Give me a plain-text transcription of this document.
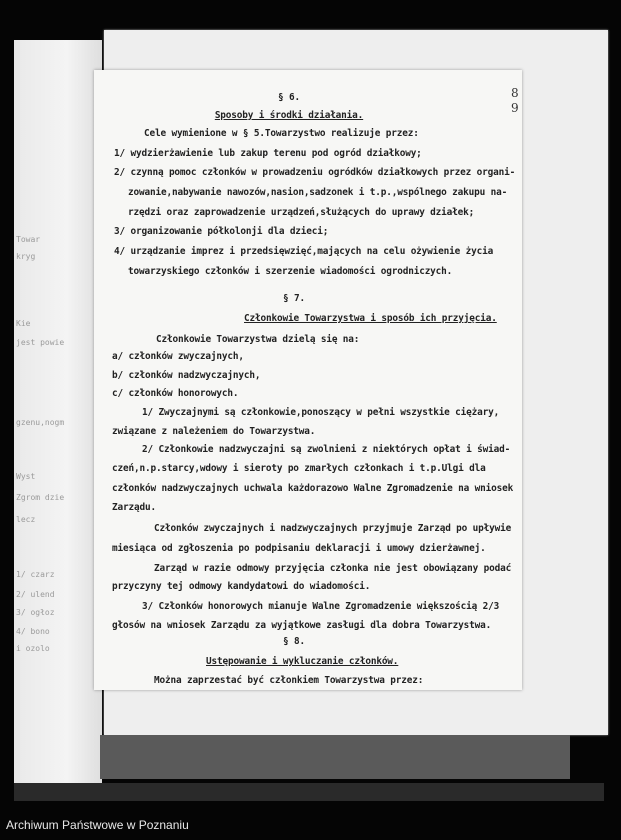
Towar
kryg
Kie
jest powie
gzenu,nogm
Wyst
Zgrom dzie
lecz
1/ czarz
2/ ulend
3/ ogłoz
4/ bono
i ozolo
8
9
§ 6.
Sposoby i środki działania.
Cele wymienione w § 5.Towarzystwo realizuje przez:
1/ wydzierżawienie lub zakup terenu pod ogród działkowy;
2/ czynną pomoc członków w prowadzeniu ogródków działkowych przez organi-
zowanie,nabywanie nawozów,nasion,sadzonek i t.p.,wspólnego zakupu na-
rzędzi oraz zaprowadzenie urządzeń,służących do uprawy działek;
3/ organizowanie półkolonji dla dzieci;
4/ urządzanie imprez i przedsięwzięć,mających na celu ożywienie życia
towarzyskiego członków i szerzenie wiadomości ogrodniczych.
§ 7.
Członkowie Towarzystwa i sposób ich przyjęcia.
Członkowie Towarzystwa dzielą się na:
a/ członków zwyczajnych,
b/ członków nadzwyczajnych,
c/ członków honorowych.
1/ Zwyczajnymi są członkowie,ponoszący w pełni wszystkie ciężary,
związane z należeniem do Towarzystwa.
2/ Członkowie nadzwyczajni są zwolnieni z niektórych opłat i świad-
czeń,n.p.starcy,wdowy i sieroty po zmarłych członkach i t.p.Ulgi dla
członków nadzwyczajnych uchwala każdorazowo Walne Zgromadzenie na wniosek
Zarządu.
Członków zwyczajnych i nadzwyczajnych przyjmuje Zarząd po upływie
miesiąca od zgłoszenia po podpisaniu deklaracji i umowy dzierżawnej.
Zarząd w razie odmowy przyjęcia członka nie jest obowiązany podać
przyczyny tej odmowy kandydatowi do wiadomości.
3/ Członków honorowych mianuje Walne Zgromadzenie większością 2/3
głosów na wniosek Zarządu za wyjątkowe zasługi dla dobra Towarzystwa.
§ 8.
Ustępowanie i wykluczanie członków.
Można zaprzestać być członkiem Towarzystwa przez:
Archiwum Państwowe w Poznaniu
